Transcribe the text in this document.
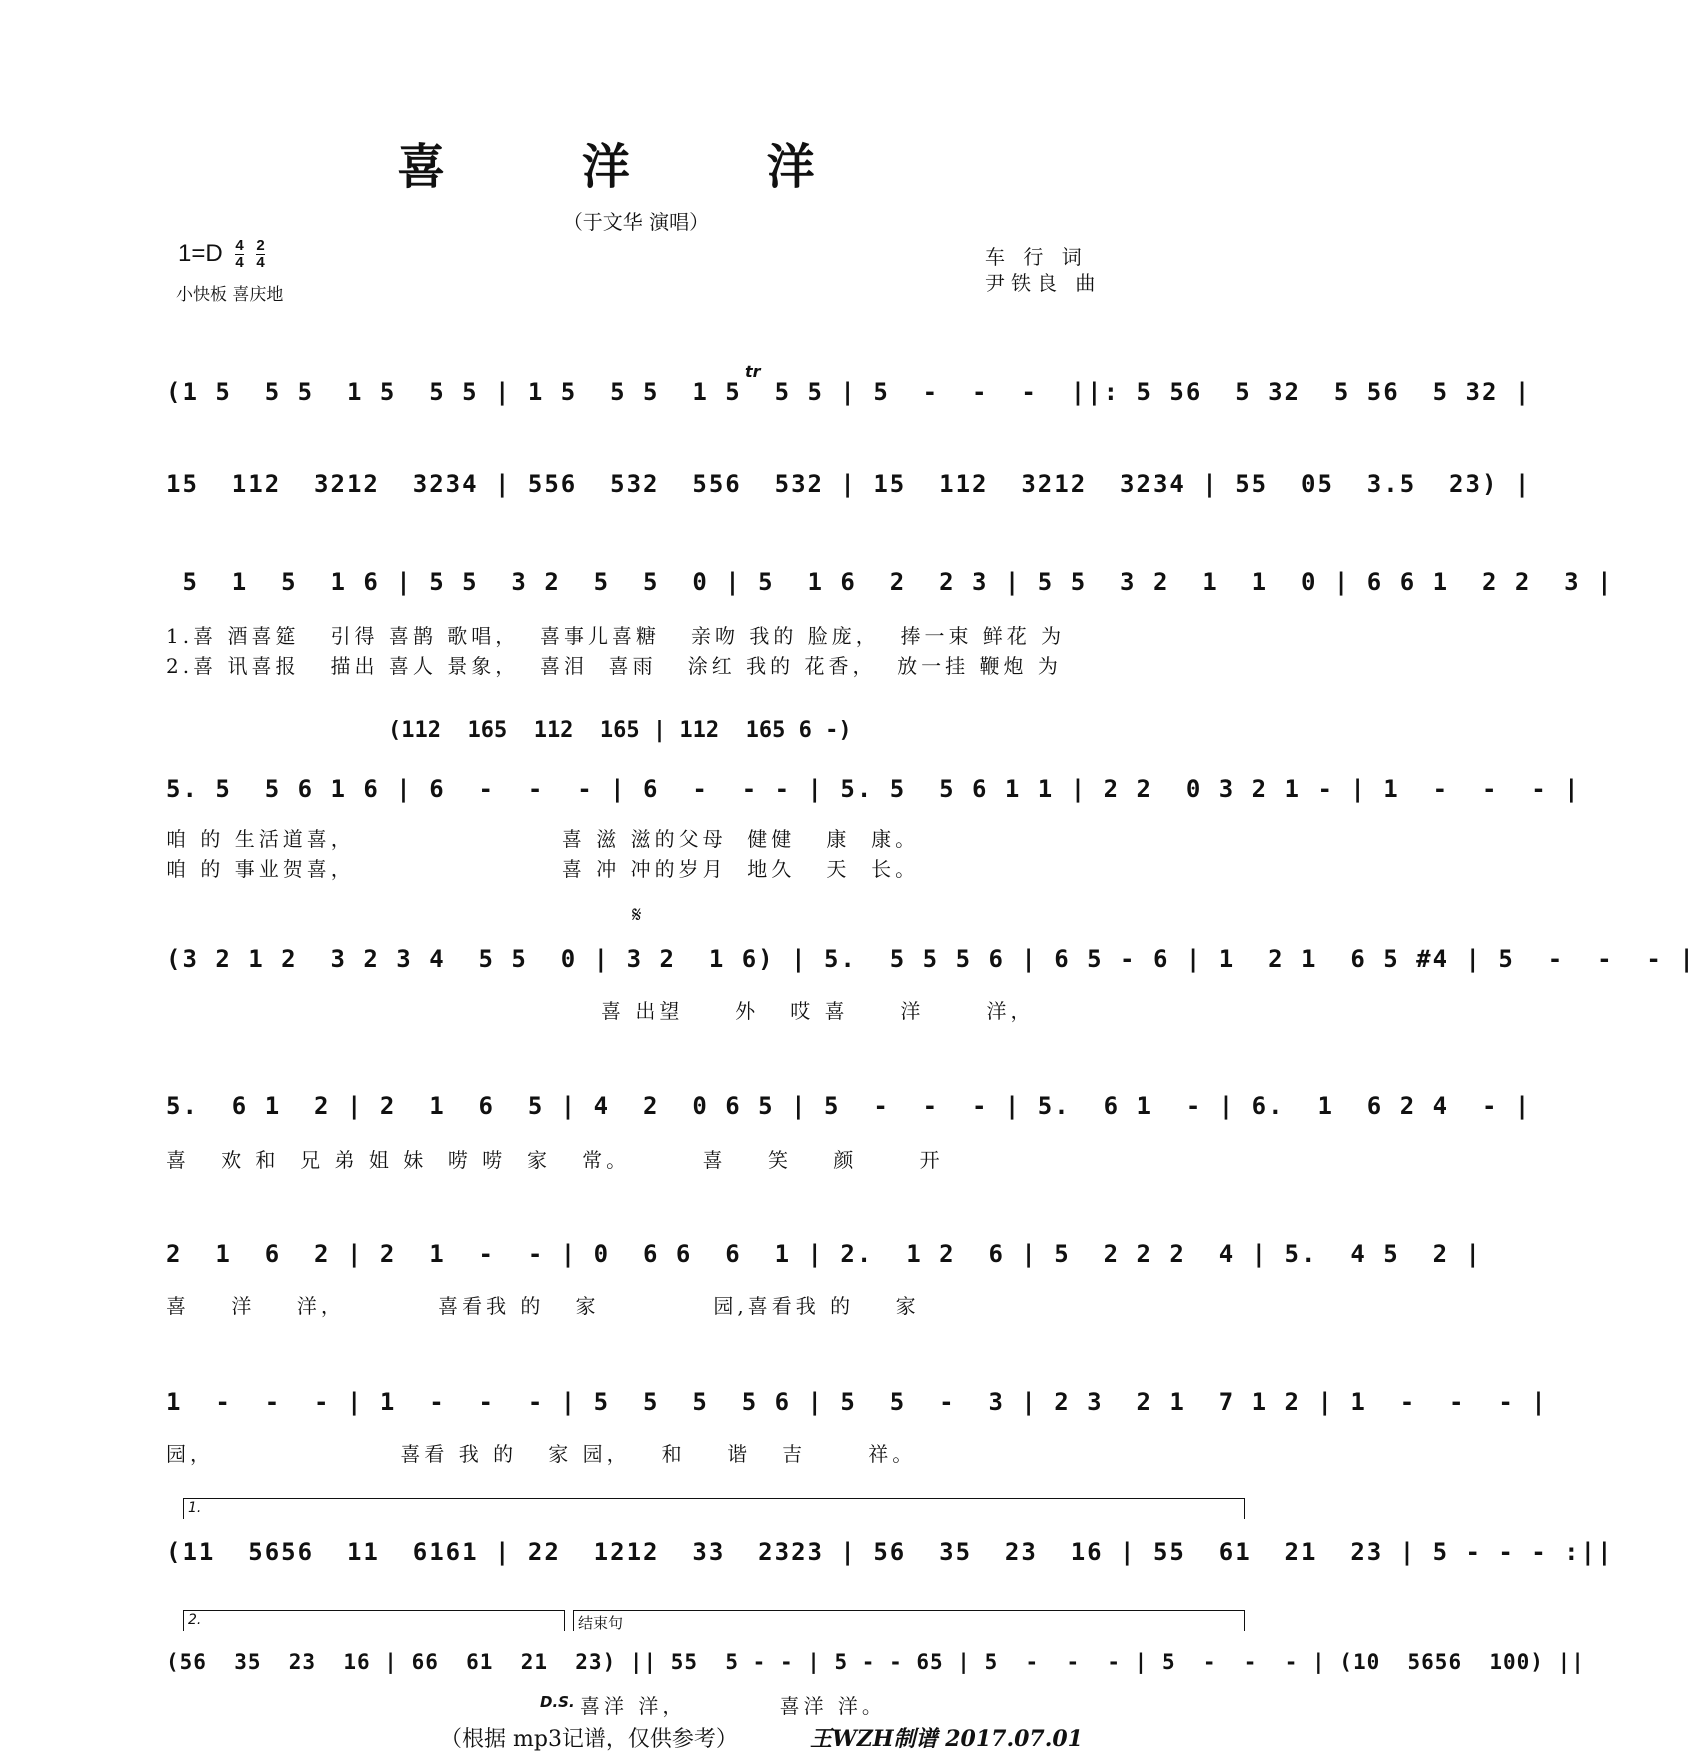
喜 洋 洋
（于文华 演唱）
$1=D \frac{4}{4}$
$\frac{2}{4}$
小快板 喜庆地
车 行 词
尹铁良 曲
(1 5  5 5  1 5  5 5 | 1 5  5 5  1 5  5 5 | 5  -  -  -  ||: 5 56  5 32  5 56  5 32 |
tr
15  112  3212  3234 | 556  532  556  532 | 15  112  3212  3234 | 55  05  3.5  23) |
5  1  5  1 6 | 5 5  3 2  5  5  0 | 5  1 6  2  2 3 | 5 5  3 2  1  1  0 | 6 6 1  2 2  3 |
1.喜 酒喜筵   引得 喜鹊 歌唱，  喜事儿喜糖   亲吻 我的 脸庞，  捧一束 鲜花 为
2.喜 讯喜报   描出 喜人 景象，  喜泪  喜雨   涂红 我的 花香，  放一挂 鞭炮 为
(112  165  112  165 | 112  165 6 -)
5. 5  5 6 1 6 | 6  -  -  - | 6  -  - - | 5. 5  5 6 1 1 | 2 2  0 3 2 1 - | 1  -  -  - |
咱 的 生活道喜，                    喜 滋 滋的父母  健健   康  康。
咱 的 事业贺喜，                    喜 冲 冲的岁月  地久   天  长。
𝄋
(3 2 1 2  3 2 3 4  5 5  0 | 3 2  1 6) | 5.  5 5 5 6 | 6 5 - 6 | 1  2 1  6 5 #4 | 5  -  -  - |
喜 出望     外   哎 喜     洋      洋，
5.  6 1  2 | 2  1  6  5 | 4  2  0 6 5 | 5  -  -  - | 5.  6 1  - | 6.  1  6 2 4  - |
喜   欢 和  兄 弟 姐 妹  唠 唠  家   常。       喜    笑    颜      开
2  1  6  2 | 2  1  -  - | 0  6 6  6  1 | 2.  1 2  6 | 5  2 2 2  4 | 5.  4 5  2 |
喜    洋    洋，         喜看我 的   家           园,喜看我 的    家
1  -  -  - | 1  -  -  - | 5  5  5  5 6 | 5  5  -  3 | 2 3  2 1  7 1 2 | 1  -  -  - |
园，                  喜看 我 的   家 园，   和    谐   吉      祥。
1.
(11  5656  11  6161 | 22  1212  33  2323 | 56  35  23  16 | 55  61  21  23 | 5 - - - :||
2.	结束句
(56  35  23  16 | 66  61  21  23) || 55  5 - - | 5 - - 65 | 5  -  -  - | 5  -  -  - | (10  5656  100) ||
D.S. 喜洋 洋，         喜洋 洋。
（根据 mp3记谱，仅供参考）	王WZH制谱 2017.07.01
